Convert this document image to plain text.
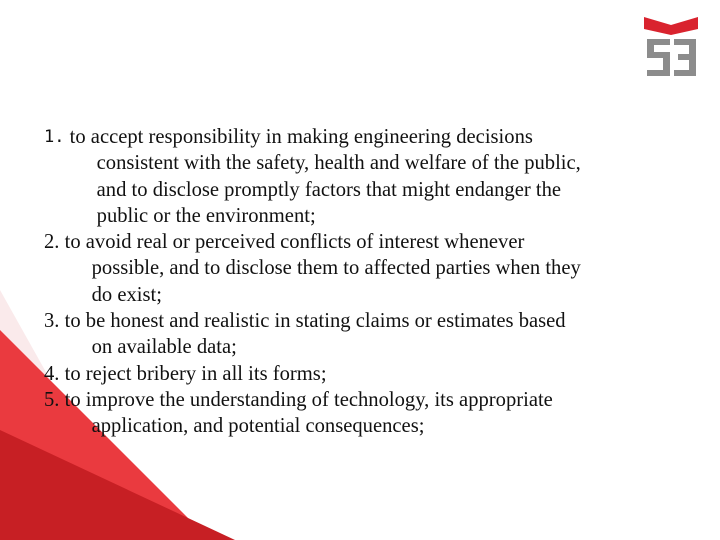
1.
to accept responsibility in making engineering decisions
consistent with the safety, health and welfare of the public,
and to disclose promptly factors that might endanger the
public or the environment;
2.
to avoid real or perceived conflicts of interest whenever
possible, and to disclose them to affected parties when they
do exist;
3.
to be honest and realistic in stating claims or estimates based
on available data;
4.
to reject bribery in all its forms;
5.
to improve the understanding of technology, its appropriate
application, and potential consequences;
